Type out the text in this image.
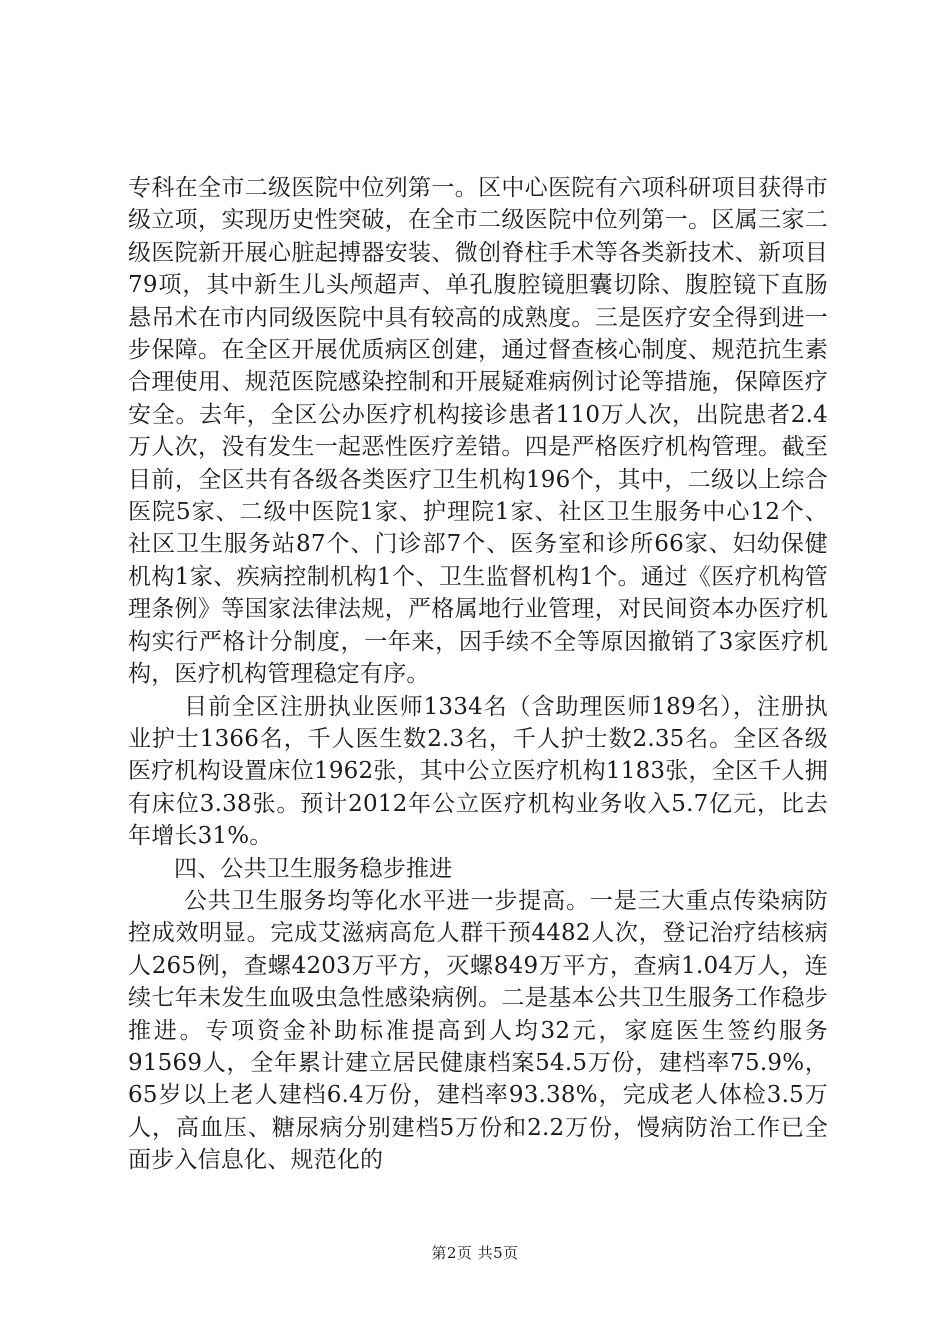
专科在全市二级医院中位列第一。区中心医院有六项科研项目获得市级立项，实现历史性突破，在全市二级医院中位列第一。区属三家二级医院新开展心脏起搏器安装、微创脊柱手术等各类新技术、新项目79项，其中新生儿头颅超声、单孔腹腔镜胆囊切除、腹腔镜下直肠悬吊术在市内同级医院中具有较高的成熟度。三是医疗安全得到进一步保障。在全区开展优质病区创建，通过督查核心制度、规范抗生素合理使用、规范医院感染控制和开展疑难病例讨论等措施，保障医疗安全。去年，全区公办医疗机构接诊患者110万人次，出院患者2.4万人次，没有发生一起恶性医疗差错。四是严格医疗机构管理。截至目前，全区共有各级各类医疗卫生机构196个，其中，二级以上综合医院5家、二级中医院1家、护理院1家、社区卫生服务中心12个、社区卫生服务站87个、门诊部7个、医务室和诊所66家、妇幼保健机构1家、疾病控制机构1个、卫生监督机构1个。通过《医疗机构管理条例》等国家法律法规，严格属地行业管理，对民间资本办医疗机构实行严格计分制度，一年来，因手续不全等原因撤销了3家医疗机构，医疗机构管理稳定有序。

目前全区注册执业医师1334名（含助理医师189名），注册执业护士1366名，千人医生数2.3名，千人护士数2.35名。全区各级医疗机构设置床位1962张，其中公立医疗机构1183张，全区千人拥有床位3.38张。预计2012年公立医疗机构业务收入5.7亿元，比去年增长31%。

四、公共卫生服务稳步推进

公共卫生服务均等化水平进一步提高。一是三大重点传染病防控成效明显。完成艾滋病高危人群干预4482人次，登记治疗结核病人265例，查螺4203万平方，灭螺849万平方，查病1.04万人，连续七年未发生血吸虫急性感染病例。二是基本公共卫生服务工作稳步推进。专项资金补助标准提高到人均32元，家庭医生签约服务91569人，全年累计建立居民健康档案54.5万份，建档率75.9%，65岁以上老人建档6.4万份，建档率93.38%，完成老人体检3.5万人，高血压、糖尿病分别建档5万份和2.2万份，慢病防治工作已全面步入信息化、规范化的

第2页 共5页
